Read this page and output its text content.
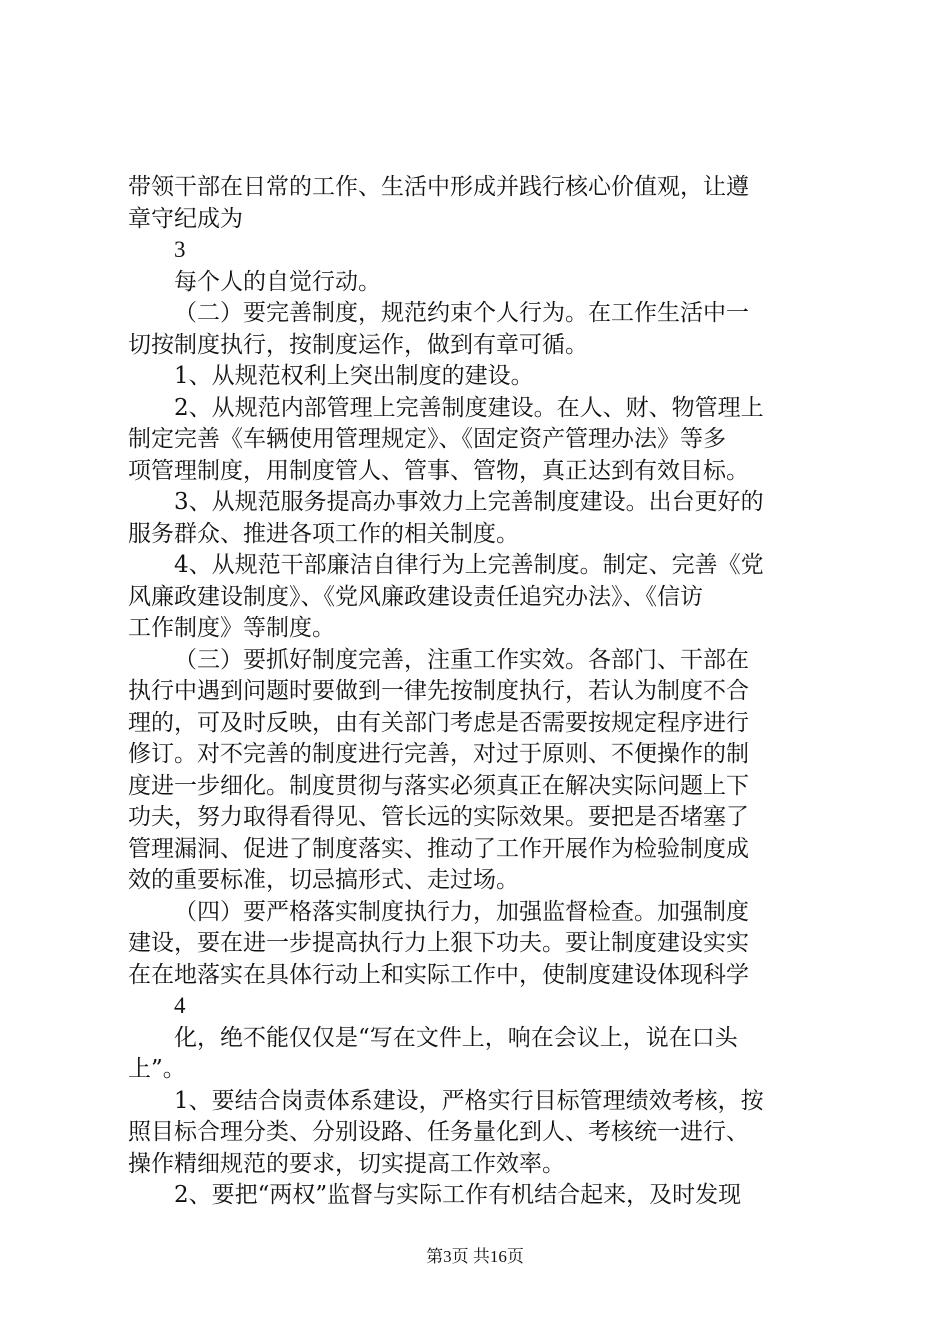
带领干部在日常的工作、生活中形成并践行核心价值观，让遵
章守纪成为
3
每个人的自觉行动。
（二）要完善制度，规范约束个人行为。在工作生活中一
切按制度执行，按制度运作，做到有章可循。
1、从规范权利上突出制度的建设。
2、从规范内部管理上完善制度建设。在人、财、物管理上
制定完善《车辆使用管理规定》、《固定资产管理办法》等多
项管理制度，用制度管人、管事、管物，真正达到有效目标。
3、从规范服务提高办事效力上完善制度建设。出台更好的
服务群众、推进各项工作的相关制度。
4、从规范干部廉洁自律行为上完善制度。制定、完善《党
风廉政建设制度》、《党风廉政建设责任追究办法》、《信访
工作制度》等制度。
（三）要抓好制度完善，注重工作实效。各部门、干部在
执行中遇到问题时要做到一律先按制度执行，若认为制度不合
理的，可及时反映，由有关部门考虑是否需要按规定程序进行
修订。对不完善的制度进行完善，对过于原则、不便操作的制
度进一步细化。制度贯彻与落实必须真正在解决实际问题上下
功夫，努力取得看得见、管长远的实际效果。要把是否堵塞了
管理漏洞、促进了制度落实、推动了工作开展作为检验制度成
效的重要标准，切忌搞形式、走过场。
（四）要严格落实制度执行力，加强监督检查。加强制度
建设，要在进一步提高执行力上狠下功夫。要让制度建设实实
在在地落实在具体行动上和实际工作中，使制度建设体现科学
4
化，绝不能仅仅是“写在文件上，响在会议上，说在口头
上”。
1、要结合岗责体系建设，严格实行目标管理绩效考核，按
照目标合理分类、分别设路、任务量化到人、考核统一进行、
操作精细规范的要求，切实提高工作效率。
2、要把“两权”监督与实际工作有机结合起来，及时发现
第3页 共16页
